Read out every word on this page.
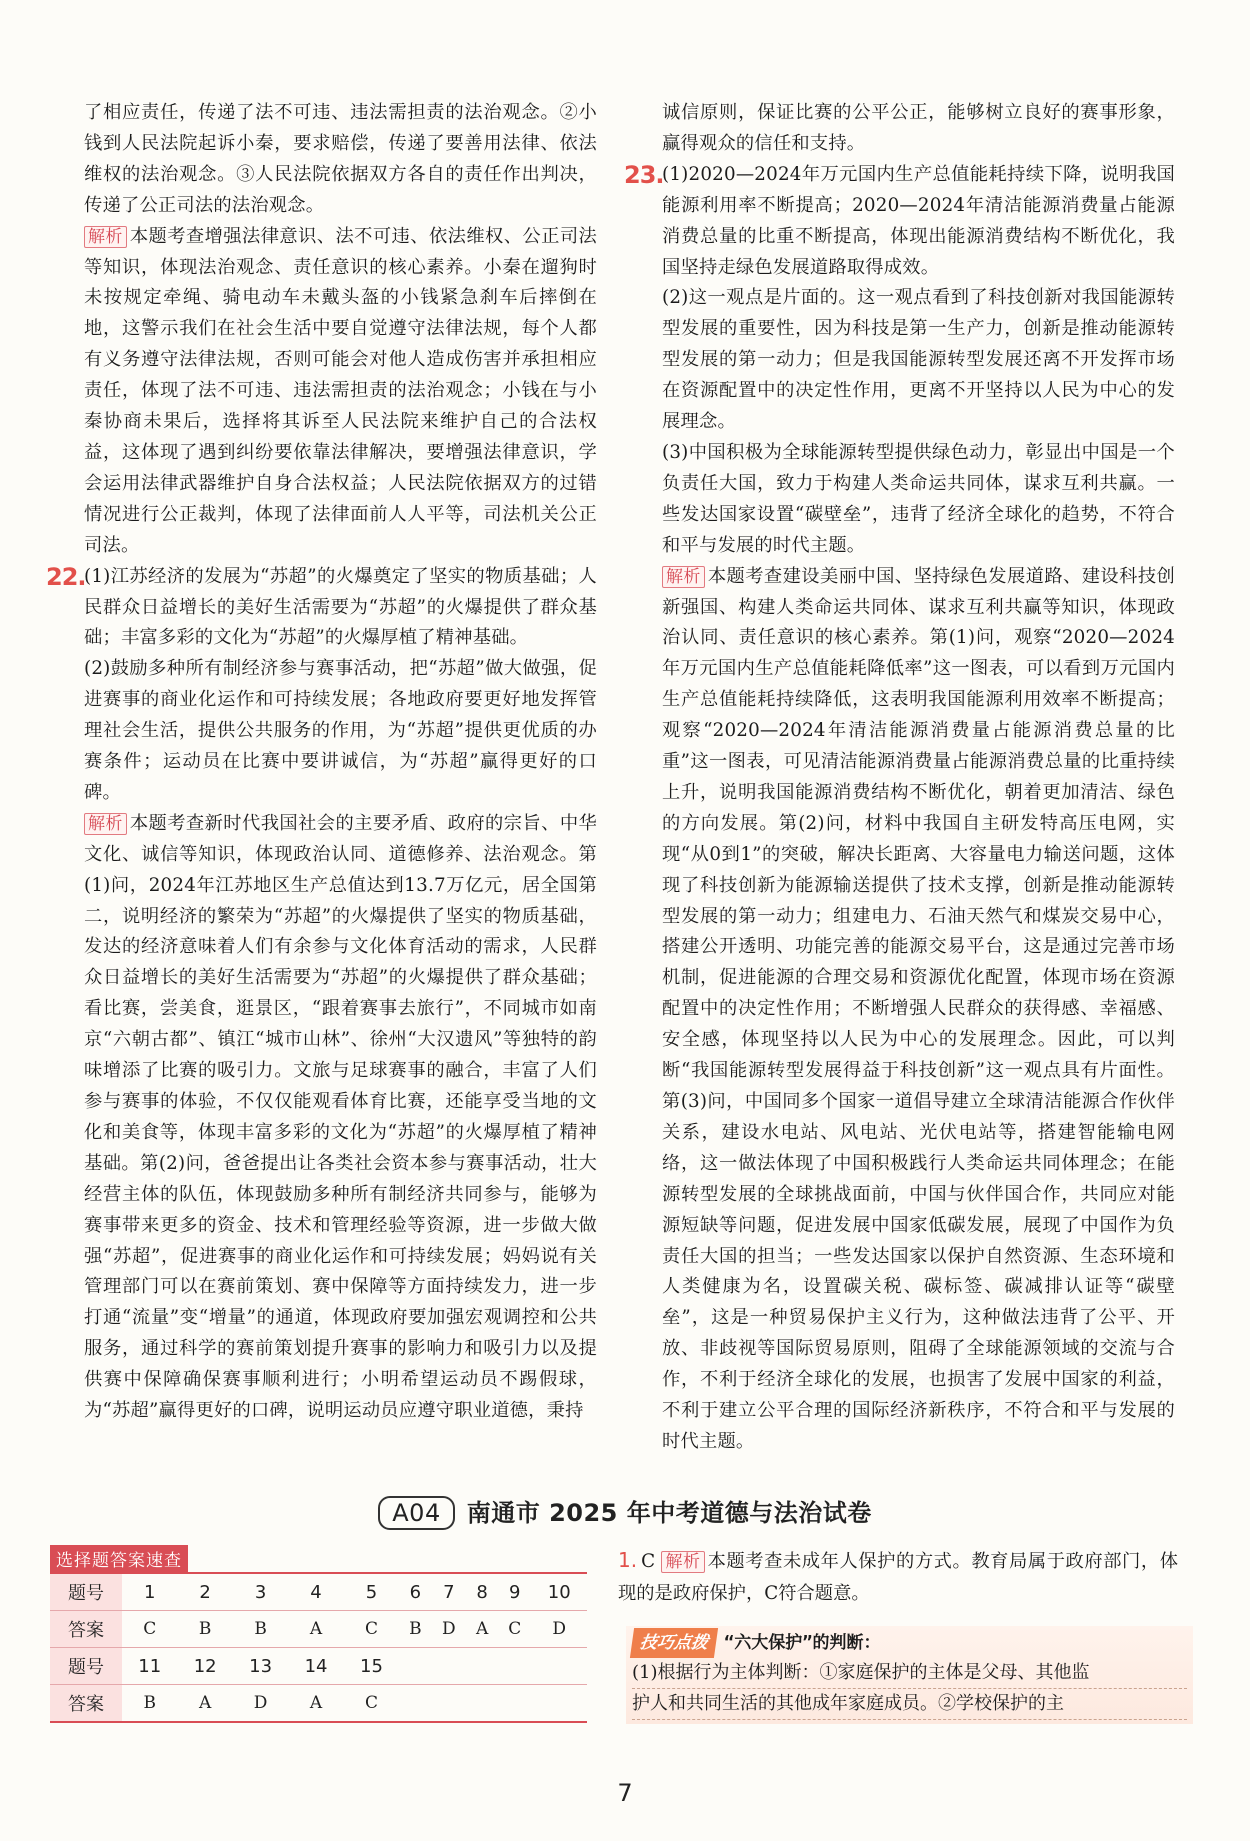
了相应责任，传递了法不可违、违法需担责的法治观念。②小钱到人民法院起诉小秦，要求赔偿，传递了要善用法律、依法维权的法治观念。③人民法院依据双方各自的责任作出判决，传递了公正司法的法治观念。

解析 本题考查增强法律意识、法不可违、依法维权、公正司法等知识，体现法治观念、责任意识的核心素养。小秦在遛狗时未按规定牵绳、骑电动车未戴头盔的小钱紧急刹车后摔倒在地，这警示我们在社会生活中要自觉遵守法律法规，每个人都有义务遵守法律法规，否则可能会对他人造成伤害并承担相应责任，体现了法不可违、违法需担责的法治观念；小钱在与小秦协商未果后，选择将其诉至人民法院来维护自己的合法权益，这体现了遇到纠纷要依靠法律解决，要增强法律意识，学会运用法律武器维护自身合法权益；人民法院依据双方的过错情况进行公正裁判，体现了法律面前人人平等，司法机关公正司法。

22.
(1)江苏经济的发展为“苏超”的火爆奠定了坚实的物质基础；人民群众日益增长的美好生活需要为“苏超”的火爆提供了群众基础；丰富多彩的文化为“苏超”的火爆厚植了精神基础。

(2)鼓励多种所有制经济参与赛事活动，把“苏超”做大做强，促进赛事的商业化运作和可持续发展；各地政府要更好地发挥管理社会生活，提供公共服务的作用，为“苏超”提供更优质的办赛条件；运动员在比赛中要讲诚信，为“苏超”赢得更好的口碑。

解析 本题考查新时代我国社会的主要矛盾、政府的宗旨、中华文化、诚信等知识，体现政治认同、道德修养、法治观念。第(1)问，2024年江苏地区生产总值达到13.7万亿元，居全国第二，说明经济的繁荣为“苏超”的火爆提供了坚实的物质基础，发达的经济意味着人们有余参与文化体育活动的需求，人民群众日益增长的美好生活需要为“苏超”的火爆提供了群众基础；看比赛，尝美食，逛景区，“跟着赛事去旅行”，不同城市如南京“六朝古都”、镇江“城市山林”、徐州“大汉遗风”等独特的韵味增添了比赛的吸引力。文旅与足球赛事的融合，丰富了人们参与赛事的体验，不仅仅能观看体育比赛，还能享受当地的文化和美食等，体现丰富多彩的文化为“苏超”的火爆厚植了精神基础。第(2)问，爸爸提出让各类社会资本参与赛事活动，壮大经营主体的队伍，体现鼓励多种所有制经济共同参与，能够为赛事带来更多的资金、技术和管理经验等资源，进一步做大做强“苏超”，促进赛事的商业化运作和可持续发展；妈妈说有关管理部门可以在赛前策划、赛中保障等方面持续发力，进一步打通“流量”变“增量”的通道，体现政府要加强宏观调控和公共服务，通过科学的赛前策划提升赛事的影响力和吸引力以及提供赛中保障确保赛事顺利进行；小明希望运动员不踢假球，为“苏超”赢得更好的口碑，说明运动员应遵守职业道德，秉持

诚信原则，保证比赛的公平公正，能够树立良好的赛事形象，赢得观众的信任和支持。

23.
(1)2020—2024年万元国内生产总值能耗持续下降，说明我国能源利用率不断提高；2020—2024年清洁能源消费量占能源消费总量的比重不断提高，体现出能源消费结构不断优化，我国坚持走绿色发展道路取得成效。

(2)这一观点是片面的。这一观点看到了科技创新对我国能源转型发展的重要性，因为科技是第一生产力，创新是推动能源转型发展的第一动力；但是我国能源转型发展还离不开发挥市场在资源配置中的决定性作用，更离不开坚持以人民为中心的发展理念。

(3)中国积极为全球能源转型提供绿色动力，彰显出中国是一个负责任大国，致力于构建人类命运共同体，谋求互利共赢。一些发达国家设置“碳壁垒”，违背了经济全球化的趋势，不符合和平与发展的时代主题。

解析 本题考查建设美丽中国、坚持绿色发展道路、建设科技创新强国、构建人类命运共同体、谋求互利共赢等知识，体现政治认同、责任意识的核心素养。第(1)问，观察“2020—2024年万元国内生产总值能耗降低率”这一图表，可以看到万元国内生产总值能耗持续降低，这表明我国能源利用效率不断提高；观察“2020—2024年清洁能源消费量占能源消费总量的比重”这一图表，可见清洁能源消费量占能源消费总量的比重持续上升，说明我国能源消费结构不断优化，朝着更加清洁、绿色的方向发展。第(2)问，材料中我国自主研发特高压电网，实现“从0到1”的突破，解决长距离、大容量电力输送问题，这体现了科技创新为能源输送提供了技术支撑，创新是推动能源转型发展的第一动力；组建电力、石油天然气和煤炭交易中心，搭建公开透明、功能完善的能源交易平台，这是通过完善市场机制，促进能源的合理交易和资源优化配置，体现市场在资源配置中的决定性作用；不断增强人民群众的获得感、幸福感、安全感，体现坚持以人民为中心的发展理念。因此，可以判断“我国能源转型发展得益于科技创新”这一观点具有片面性。第(3)问，中国同多个国家一道倡导建立全球清洁能源合作伙伴关系，建设水电站、风电站、光伏电站等，搭建智能输电网络，这一做法体现了中国积极践行人类命运共同体理念；在能源转型发展的全球挑战面前，中国与伙伴国合作，共同应对能源短缺等问题，促进发展中国家低碳发展，展现了中国作为负责任大国的担当；一些发达国家以保护自然资源、生态环境和人类健康为名，设置碳关税、碳标签、碳减排认证等“碳壁垒”，这是一种贸易保护主义行为，这种做法违背了公平、开放、非歧视等国际贸易原则，阻碍了全球能源领域的交流与合作，不利于经济全球化的发展，也损害了发展中国家的利益，不利于建立公平合理的国际经济新秩序，不符合和平与发展的时代主题。

A04 南通市 2025 年中考道德与法治试卷
选择题答案速查
题号	1	2	3	4	5	6	7	8	9	10
答案	C	B	B	A	C	B	D	A	C	D
题号	11	12	13	14	15					
答案	B	A	D	A	C					
1. C 解析 本题考查未成年人保护的方式。教育局属于政府部门，体现的是政府保护，C符合题意。
技巧点拨 “六大保护”的判断：
(1)根据行为主体判断：①家庭保护的主体是父母、其他监
护人和共同生活的其他成年家庭成员。②学校保护的主
7
